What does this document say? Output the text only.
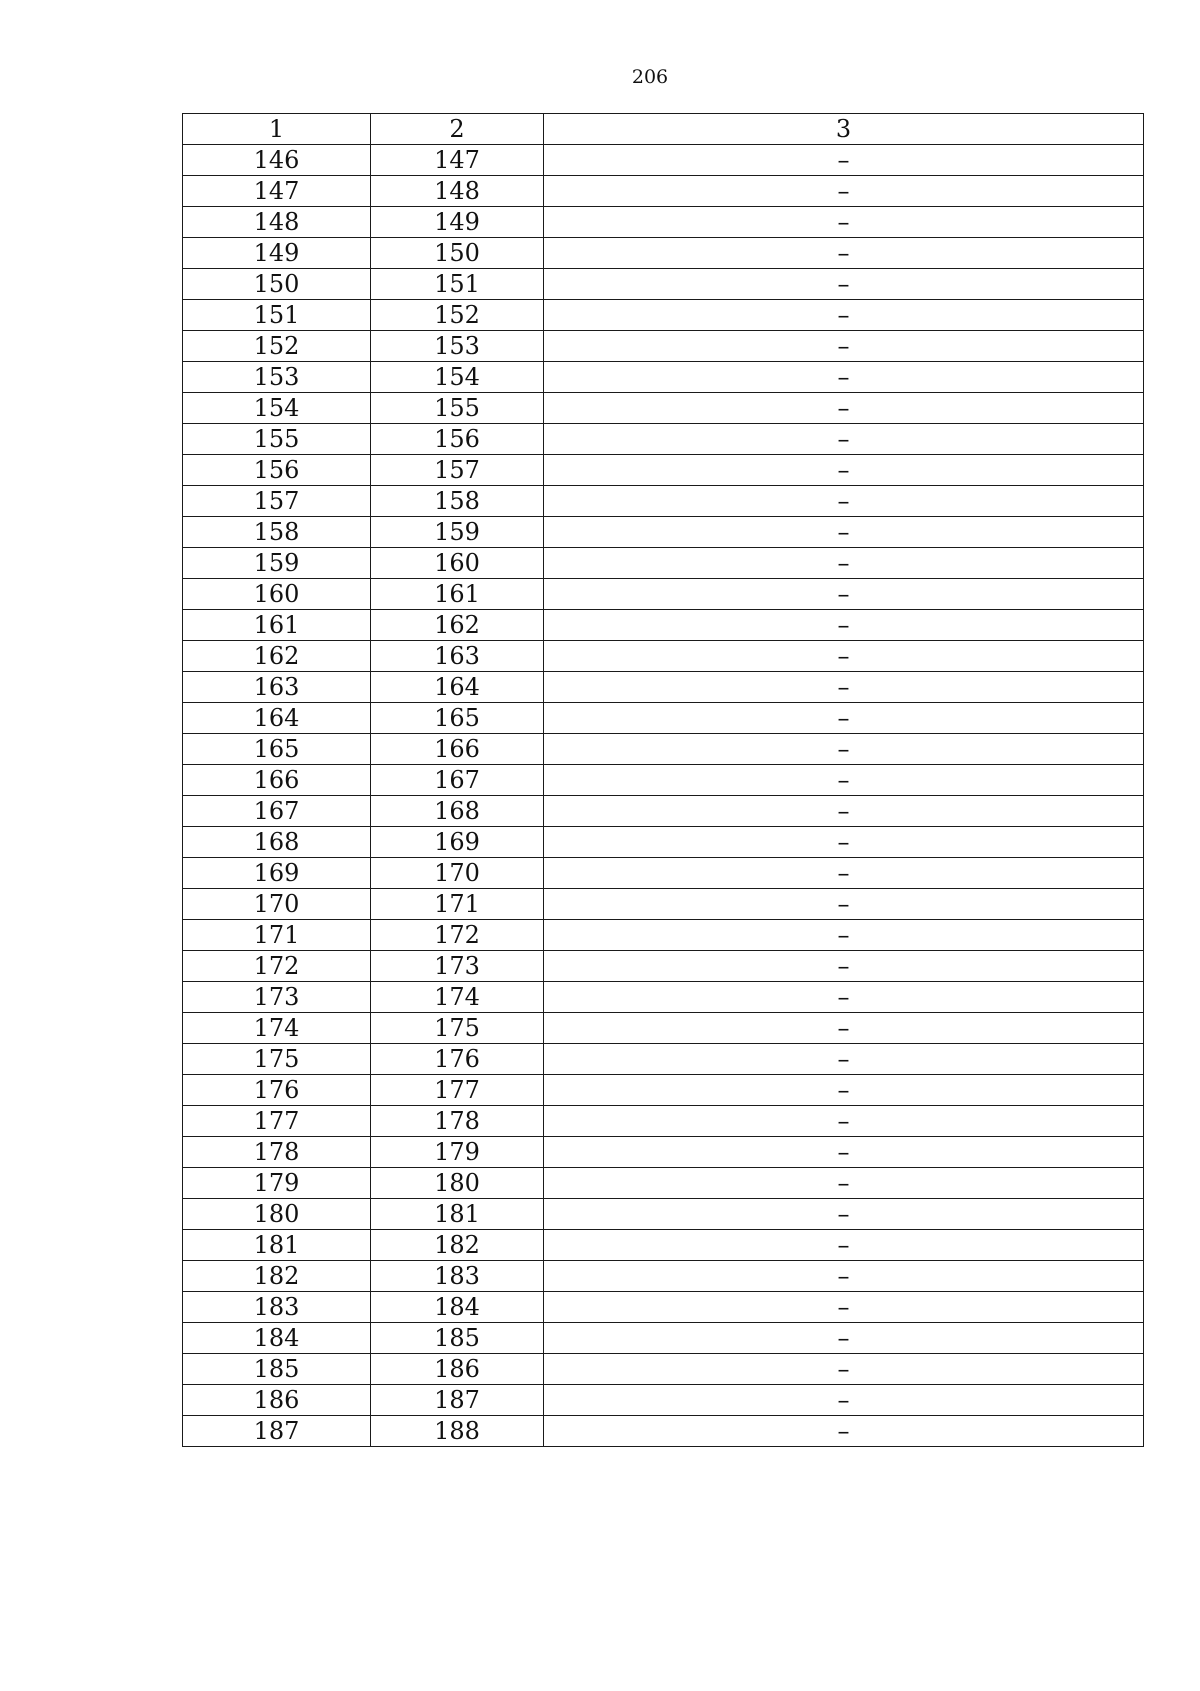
206
1	2	3
146	147	–
147	148	–
148	149	–
149	150	–
150	151	–
151	152	–
152	153	–
153	154	–
154	155	–
155	156	–
156	157	–
157	158	–
158	159	–
159	160	–
160	161	–
161	162	–
162	163	–
163	164	–
164	165	–
165	166	–
166	167	–
167	168	–
168	169	–
169	170	–
170	171	–
171	172	–
172	173	–
173	174	–
174	175	–
175	176	–
176	177	–
177	178	–
178	179	–
179	180	–
180	181	–
181	182	–
182	183	–
183	184	–
184	185	–
185	186	–
186	187	–
187	188	–
